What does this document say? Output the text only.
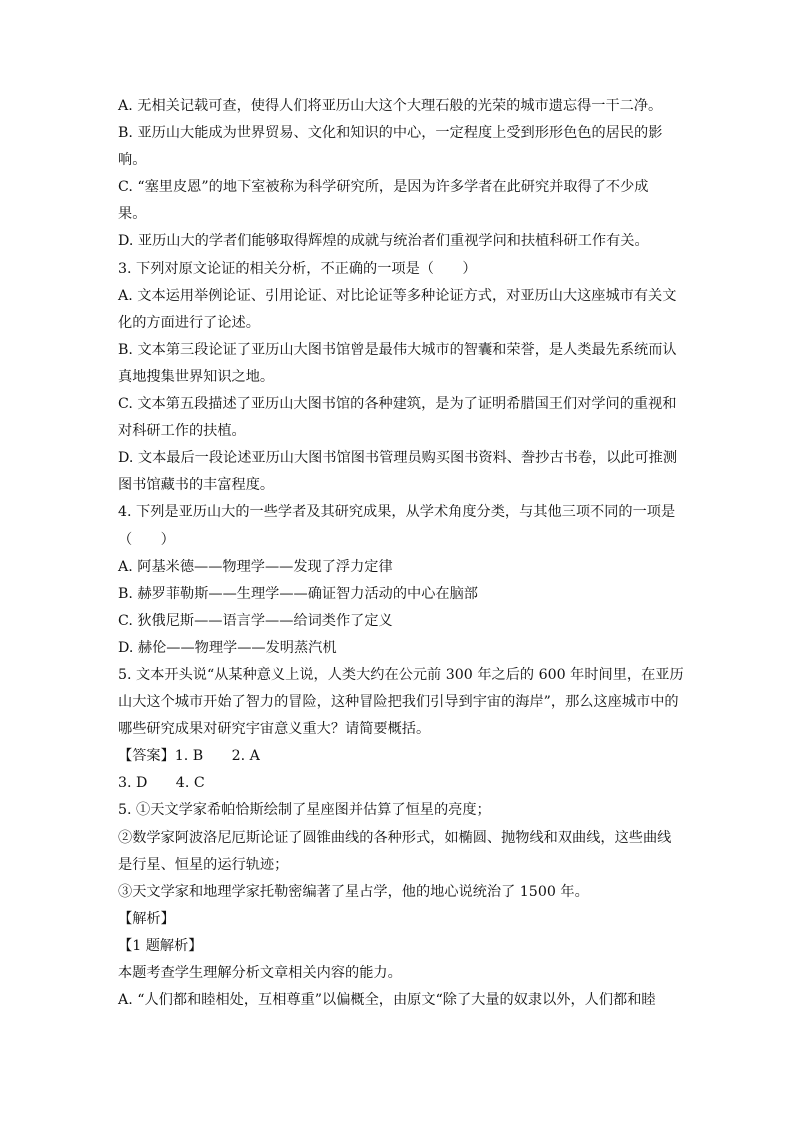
A. 无相关记载可查，使得人们将亚历山大这个大理石般的光荣的城市遗忘得一干二净。
B. 亚历山大能成为世界贸易、文化和知识的中心，一定程度上受到形形色色的居民的影
响。
C. “塞里皮恩”的地下室被称为科学研究所，是因为许多学者在此研究并取得了不少成
果。
D. 亚历山大的学者们能够取得辉煌的成就与统治者们重视学问和扶植科研工作有关。
3. 下列对原文论证的相关分析，不正确的一项是（　　）
A. 文本运用举例论证、引用论证、对比论证等多种论证方式，对亚历山大这座城市有关文
化的方面进行了论述。
B. 文本第三段论证了亚历山大图书馆曾是最伟大城市的智囊和荣誉，是人类最先系统而认
真地搜集世界知识之地。
C. 文本第五段描述了亚历山大图书馆的各种建筑，是为了证明希腊国王们对学问的重视和
对科研工作的扶植。
D. 文本最后一段论述亚历山大图书馆图书管理员购买图书资料、誊抄古书卷，以此可推测
图书馆藏书的丰富程度。
4. 下列是亚历山大的一些学者及其研究成果，从学术角度分类，与其他三项不同的一项是
（　　）
A. 阿基米德——物理学——发现了浮力定律
B. 赫罗菲勒斯——生理学——确证智力活动的中心在脑部
C. 狄俄尼斯——语言学——给词类作了定义
D. 赫伦——物理学——发明蒸汽机
5. 文本开头说“从某种意义上说，人类大约在公元前 300 年之后的 600 年时间里，在亚历
山大这个城市开始了智力的冒险，这种冒险把我们引导到宇宙的海岸”，那么这座城市中的
哪些研究成果对研究宇宙意义重大？请简要概括。
【答案】1. B　　2. A
3. D　　4. C
5. ①天文学家希帕恰斯绘制了星座图并估算了恒星的亮度；
②数学家阿波洛尼厄斯论证了圆锥曲线的各种形式，如椭圆、抛物线和双曲线，这些曲线
是行星、恒星的运行轨迹；
③天文学家和地理学家托勒密编著了星占学，他的地心说统治了 1500 年。
【解析】
【1 题解析】
本题考查学生理解分析文章相关内容的能力。
A. “人们都和睦相处，互相尊重”以偏概全，由原文“除了大量的奴隶以外，人们都和睦
